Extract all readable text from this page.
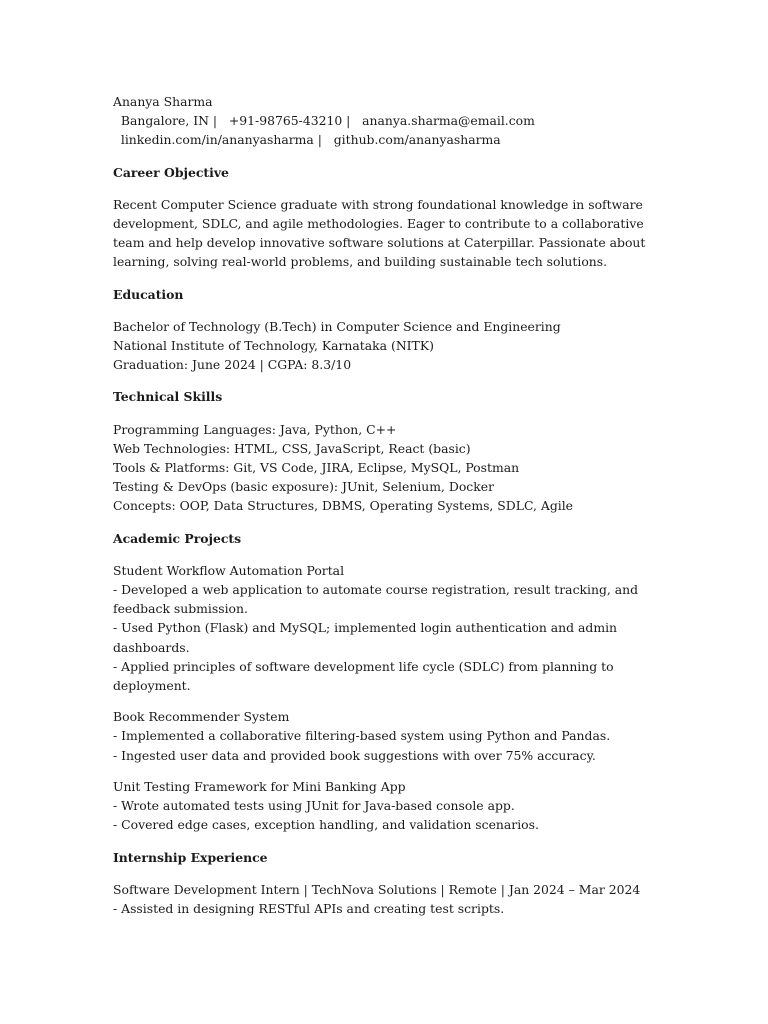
Ananya Sharma
Bangalore, IN |   +91-98765-43210 |   ananya.sharma@email.com
linkedin.com/in/ananyasharma |   github.com/ananyasharma
Career Objective
Recent Computer Science graduate with strong foundational knowledge in software development, SDLC, and agile methodologies. Eager to contribute to a collaborative team and help develop innovative software solutions at Caterpillar. Passionate about learning, solving real-world problems, and building sustainable tech solutions.
Education
Bachelor of Technology (B.Tech) in Computer Science and Engineering
National Institute of Technology, Karnataka (NITK)
Graduation: June 2024 | CGPA: 8.3/10
Technical Skills
Programming Languages: Java, Python, C++
Web Technologies: HTML, CSS, JavaScript, React (basic)
Tools & Platforms: Git, VS Code, JIRA, Eclipse, MySQL, Postman
Testing & DevOps (basic exposure): JUnit, Selenium, Docker
Concepts: OOP, Data Structures, DBMS, Operating Systems, SDLC, Agile
Academic Projects
Student Workflow Automation Portal
- Developed a web application to automate course registration, result tracking, and feedback submission.
- Used Python (Flask) and MySQL; implemented login authentication and admin dashboards.
- Applied principles of software development life cycle (SDLC) from planning to deployment.
Book Recommender System
- Implemented a collaborative filtering-based system using Python and Pandas.
- Ingested user data and provided book suggestions with over 75% accuracy.
Unit Testing Framework for Mini Banking App
- Wrote automated tests using JUnit for Java-based console app.
- Covered edge cases, exception handling, and validation scenarios.
Internship Experience
Software Development Intern | TechNova Solutions | Remote | Jan 2024 – Mar 2024
- Assisted in designing RESTful APIs and creating test scripts.
